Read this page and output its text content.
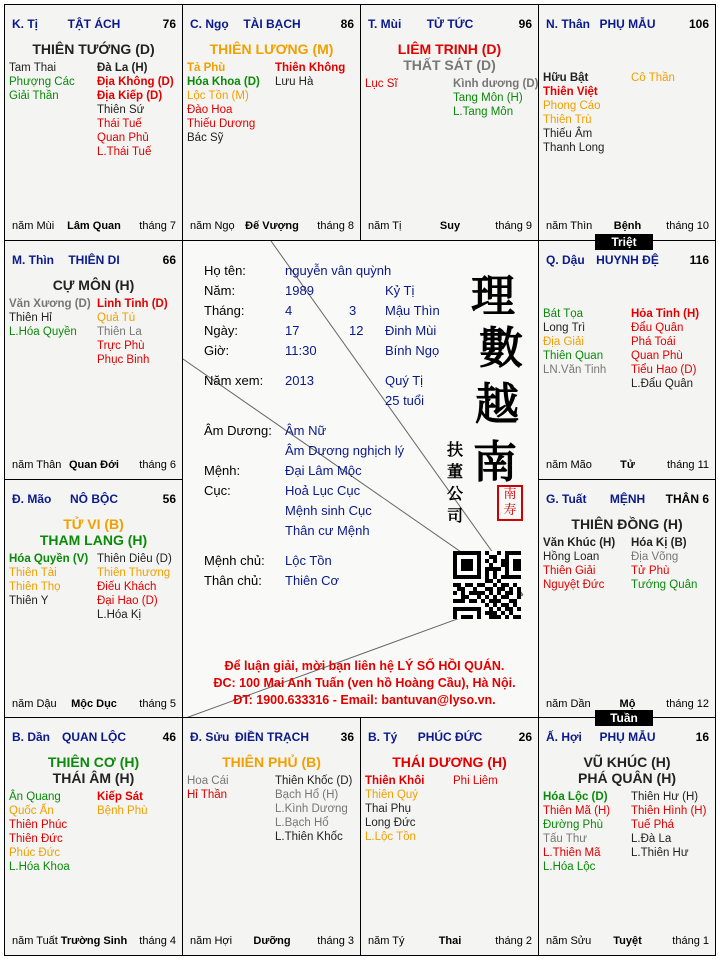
TẬT ÁCH
K. Tị	76
THIÊN TƯỚNG (D)
Tam Thai
Phượng Các
Giải Thần
Đà La (H)
Địa Không (D)
Địa Kiếp (D)
Thiên Sứ
Thái Tuế
Quan Phủ
L.Thái Tuế
Lâm Quan
năm Mùi	tháng 7
TÀI BẠCH
C. Ngọ	86
THIÊN LƯƠNG (M)
Tả Phù
Hóa Khoa (D)
Lộc Tồn (M)
Đào Hoa
Thiếu Dương
Bác Sỹ
Thiên Không
Lưu Hà
Đế Vượng
năm Ngọ	tháng 8
TỬ TỨC
T. Mùi	96
LIÊM TRINH (D)
THẤT SÁT (D)
Lục Sĩ	Kình dương (D)
Tang Môn (H)
L.Tang Môn
Suy
năm Tị	tháng 9
PHỤ MẪU
N. Thân	106
Hữu Bật
Thiên Việt
Phong Cáo
Thiên Trù
Thiếu Âm
Thanh Long
Cô Thần
Bệnh
năm Thìn	tháng 10
THIÊN DI
M. Thìn	66
CỰ MÔN (H)
Văn Xương (D)
Thiên Hỉ
L.Hóa Quyền
Linh Tinh (D)
Quả Tú
Thiên La
Trực Phù
Phục Binh
Quan Đới
năm Thân	tháng 6
HUYNH ĐỆ
Q. Dậu	116
Bát Tọa
Long Trì
Địa Giải
Thiên Quan
LN.Văn Tinh
Hỏa Tinh (H)
Đẩu Quân
Phá Toái
Quan Phù
Tiểu Hao (D)
L.Đẩu Quân
Tử
năm Mão	tháng 11
NÔ BỘC
Đ. Mão	56
TỬ VI (B)
THAM LANG (H)
Hóa Quyền (V)
Thiên Tài
Thiên Thọ
Thiên Y
Thiên Diêu (D)
Thiên Thương
Điếu Khách
Đại Hao (D)
L.Hóa Kị
Mộc Dục
năm Dậu	tháng 5
MỆNH
G. Tuất	THÂN 6
THIÊN ĐỒNG (H)
Văn Khúc (H)
Hồng Loan
Thiên Giải
Nguyệt Đức
Hóa Kị (B)
Địa Võng
Tử Phù
Tướng Quân
Mộ
năm Dần	tháng 12
QUAN LỘC
B. Dần	46
THIÊN CƠ (H)
THÁI ÂM (H)
Ân Quang
Quốc Ấn
Thiên Phúc
Thiên Đức
Phúc Đức
L.Hóa Khoa
Kiếp Sát
Bệnh Phù
Trường Sinh
năm Tuất	tháng 4
ĐIỀN TRẠCH
Đ. Sửu	36
THIÊN PHỦ (B)
Hoa Cái
Hỉ Thần
Thiên Khốc (D)
Bạch Hổ (H)
L.Kình Dương
L.Bạch Hổ
L.Thiên Khốc
Dưỡng
năm Hợi	tháng 3
PHÚC ĐỨC
B. Tý	26
THÁI DƯƠNG (H)
Thiên Khôi
Thiên Quý
Thai Phụ
Long Đức
L.Lộc Tồn
Phi Liêm
Thai
năm Tý	tháng 2
PHỤ MẪU
Ấ. Hợi	16
VŨ KHÚC (H)
PHÁ QUÂN (H)
Hóa Lộc (D)
Thiên Mã (H)
Đường Phù
Tấu Thư
L.Thiên Mã
L.Hóa Lộc
Thiên Hư (H)
Thiên Hình (H)
Tuế Phá
L.Đà La
L.Thiên Hư
Tuyệt
năm Sửu	tháng 1
Họ tên:	nguyễn vân quỳnh
Năm:	1989	Kỷ Tị
Tháng:	4	3 Mậu Thìn
Ngày:	17	12 Đinh Mùi
Giờ:	11:30	Bính Ngọ
Năm xem: 2013	Quý Tị
25 tuổi
Âm Dương: Âm Nữ
Âm Dương nghịch lý
Mệnh:	Đại Lâm Mộc
Cục:	Hoả Lục Cục
Mệnh sinh Cục
Thân cư Mệnh
Mệnh chủ: Lộc Tồn
Thân chủ: Thiên Cơ
理
數
越
南
扶
董
公
司
南寿
Để luận giải, mời bạn liên hệ LÝ SỐ HỒI QUÁN.
ĐC: 100 Mai Anh Tuấn (ven hồ Hoàng Cầu), Hà Nội.
ĐT: 1900.633316 - Email: bantuvan@lyso.vn.
Triệt
Tuần
